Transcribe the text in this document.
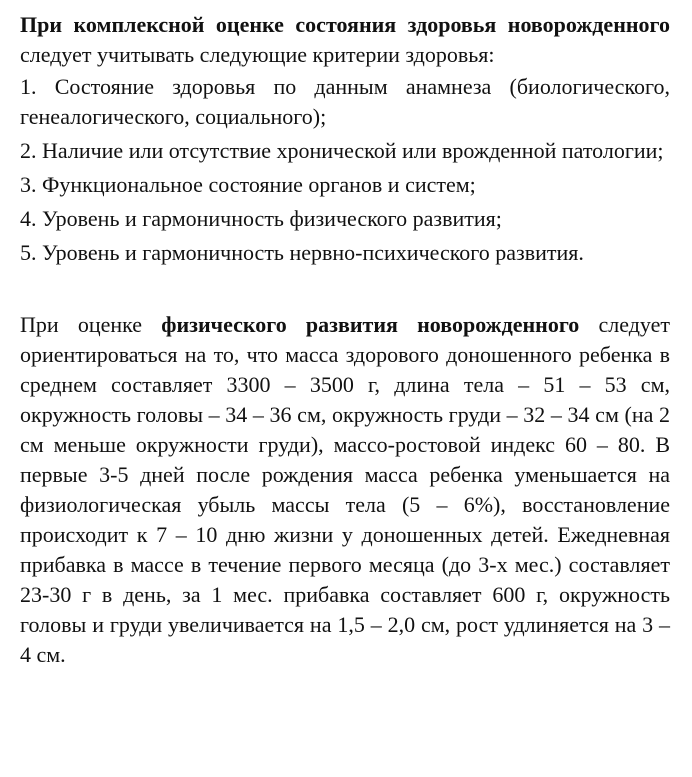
При комплексной оценке состояния здоровья новорожденного следует учитывать следующие критерии здоровья:

1. Состояние здоровья по данным анамнеза (биологического, генеалогического, социального);

2. Наличие или отсутствие хронической или врожденной патологии;

3. Функциональное состояние органов и систем;

4. Уровень и гармоничность физического развития;

5. Уровень и гармоничность нервно-психического развития.

При оценке физического развития новорожденного следует ориентироваться на то, что масса здорового доношенного ребенка в среднем составляет 3300 – 3500 г, длина тела – 51 – 53 см, окружность головы – 34 – 36 см, окружность груди – 32 – 34 см (на 2 см меньше окружности груди), массо-ростовой индекс 60 – 80. В первые 3-5 дней после рождения масса ребенка уменьшается на физиологическая убыль массы тела (5 – 6%), восстановление происходит к 7 – 10 дню жизни у доношенных детей. Ежедневная прибавка в массе в течение первого месяца (до 3-х мес.) составляет 23-30 г в день, за 1 мес. прибавка составляет 600 г, окружность головы и груди увеличивается на 1,5 – 2,0 см, рост удлиняется на 3 – 4 см.
